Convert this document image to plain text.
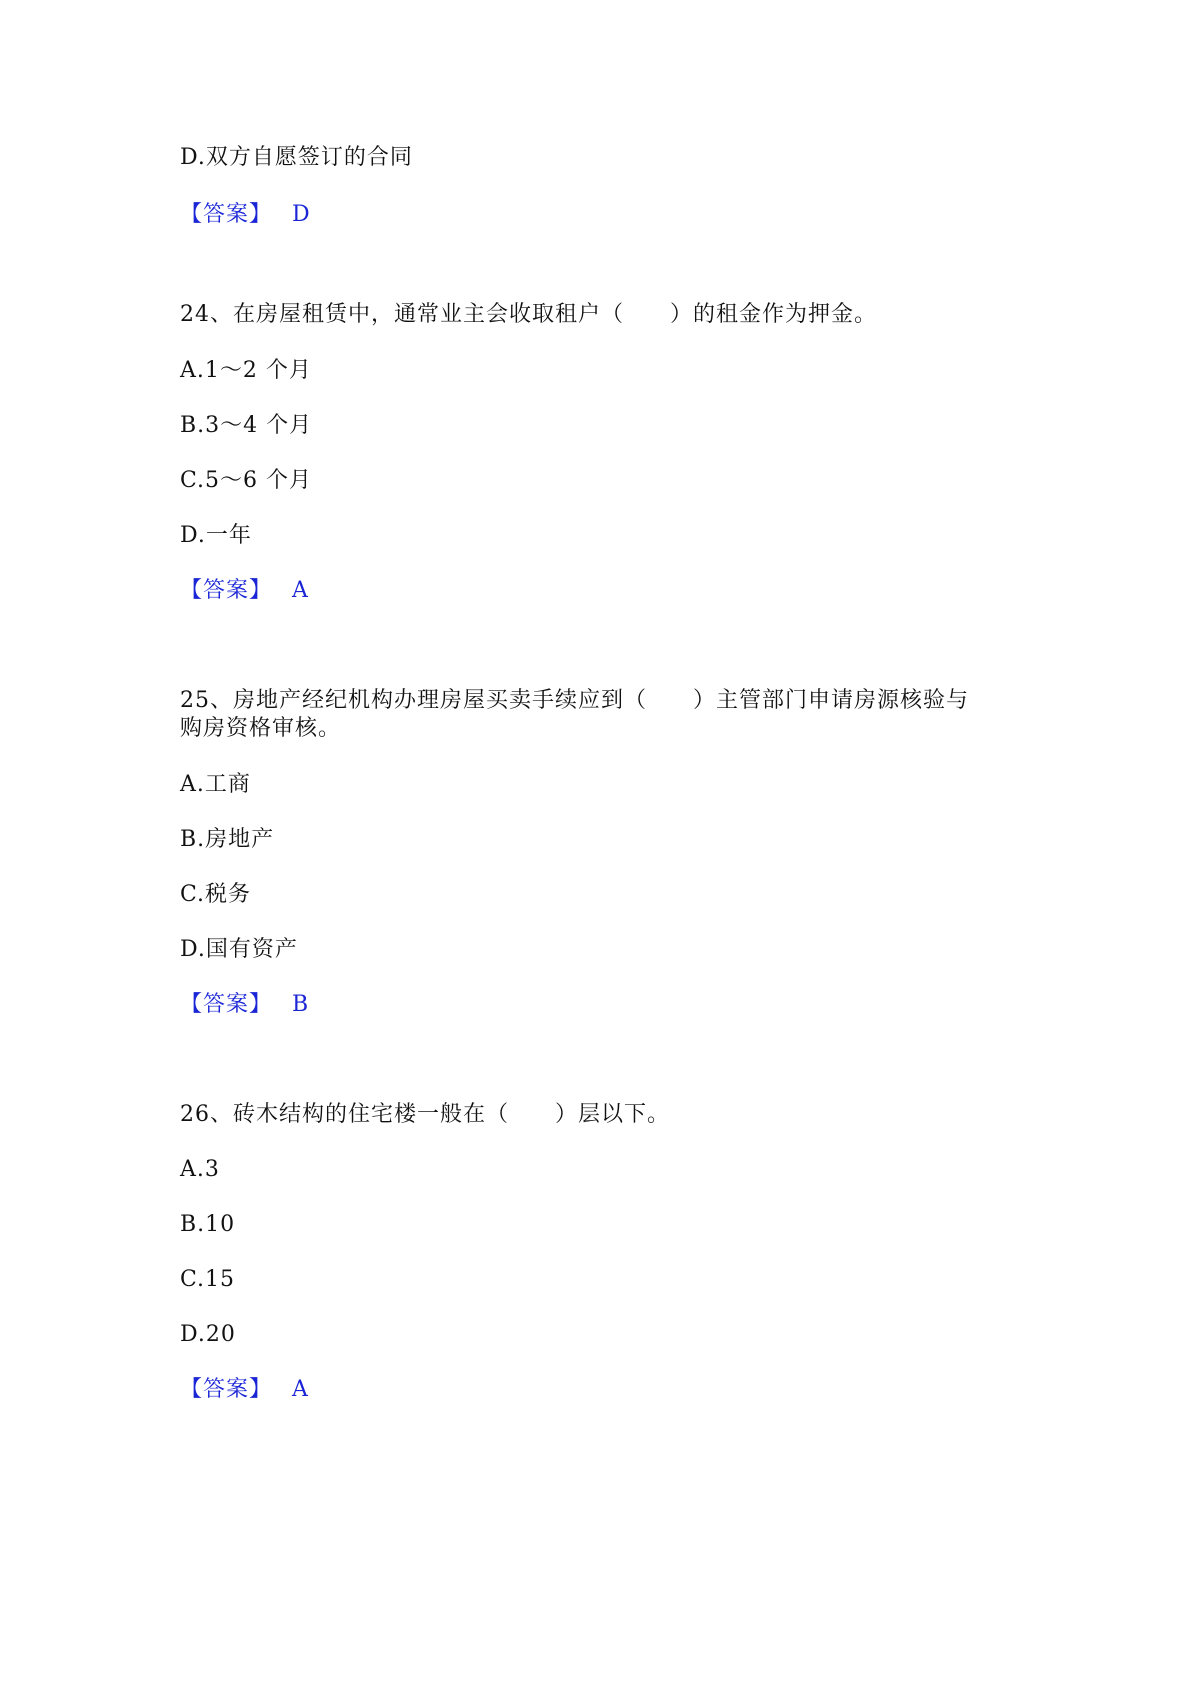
D.双方自愿签订的合同
【答案】 D
24、在房屋租赁中，通常业主会收取租户（　　）的租金作为押金。
A.1～2 个月
B.3～4 个月
C.5～6 个月
D.一年
【答案】 A
25、房地产经纪机构办理房屋买卖手续应到（　　）主管部门申请房源核验与
购房资格审核。
A.工商
B.房地产
C.税务
D.国有资产
【答案】 B
26、砖木结构的住宅楼一般在（　　）层以下。
A.3
B.10
C.15
D.20
【答案】 A
